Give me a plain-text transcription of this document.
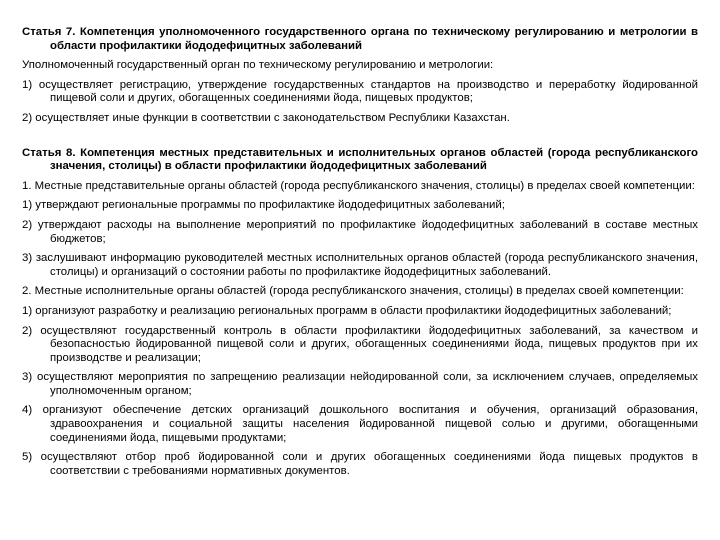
Статья 7. Компетенция уполномоченного государственного органа по техническому регулированию и метрологии в области профилактики йододефицитных заболеваний

Уполномоченный государственный орган по техническому регулированию и метрологии:

1) осуществляет регистрацию, утверждение государственных стандартов на производство и переработку йодированной пищевой соли и других, обогащенных соединениями йода, пищевых продуктов;

2) осуществляет иные функции в соответствии с законодательством Республики Казахстан.

Статья 8. Компетенция местных представительных и исполнительных органов областей (города республиканского значения, столицы) в области профилактики йододефицитных заболеваний

1. Местные представительные органы областей (города республиканского значения, столицы) в пределах своей компетенции:

1) утверждают региональные программы по профилактике йододефицитных заболеваний;

2) утверждают расходы на выполнение мероприятий по профилактике йододефицитных заболеваний в составе местных бюджетов;

3) заслушивают информацию руководителей местных исполнительных органов областей (города республиканского значения, столицы) и организаций о состоянии работы по профилактике йододефицитных заболеваний.

2. Местные исполнительные органы областей (города республиканского значения, столицы) в пределах своей компетенции:

1) организуют разработку и реализацию региональных программ в области профилактики йододефицитных заболеваний;

2) осуществляют государственный контроль в области профилактики йододефицитных заболеваний, за качеством и безопасностью йодированной пищевой соли и других, обогащенных соединениями йода, пищевых продуктов при их производстве и реализации;

3) осуществляют мероприятия по запрещению реализации нейодированной соли, за исключением случаев, определяемых уполномоченным органом;

4) организуют обеспечение детских организаций дошкольного воспитания и обучения, организаций образования, здравоохранения и социальной защиты населения йодированной пищевой солью и другими, обогащенными соединениями йода, пищевыми продуктами;

5) осуществляют отбор проб йодированной соли и других обогащенных соединениями йода пищевых продуктов в соответствии с требованиями нормативных документов.
